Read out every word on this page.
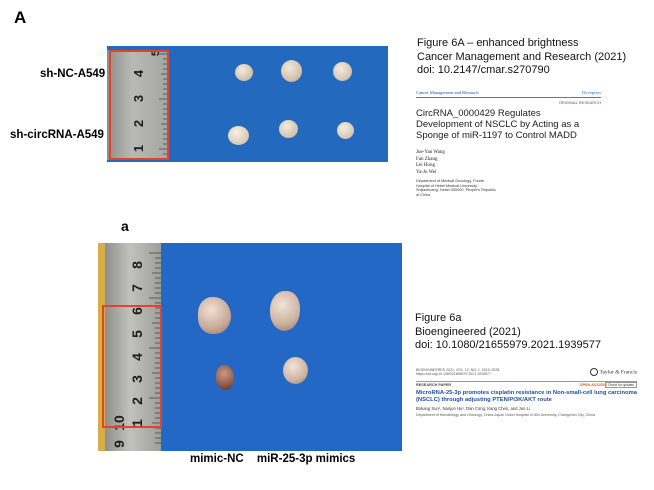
A
sh-NC-A549
sh-circRNA-A549
1
2
3
4
5
Figure 6A – enhanced brightness
Cancer Management and Research (2021)
doi: 10.2147/cmar.s270790
Cancer Management and Research	Dovepress
ORIGINAL RESEARCH
CircRNA_0000429 Regulates Development of NSCLC by Acting as a Sponge of miR-1197 to Control MADD
Jue-Yan Wang
Fan Zhang
Lei Hong
Ya-Ju Wei
Department of Medical Oncology, Fourth Hospital of Hebei Medical University, Shijiazhuang, Hebei 050000, People's Republic of China
a
9
10 1
2
3
4
5
6
7
8
mimic-NC miR-25-3p mimics
Figure 6a
Bioengineered (2021)
doi: 10.1080/21655979.2021.1939577
BIOENGINEERED 2021, VOL. 12, NO. 1, 3219–3228 https://doi.org/10.1080/21655979.2021.1939577	Taylor & Francis
RESEARCH PAPER	OPEN ACCESS Check for updates
MicroRNA-25-3p promotes cisplatin resistance in Non-small-cell lung carcinoma (NSCLC) through adjusting PTEN/PI3K/AKT route
Bokang Sun¹, Nanjun Hu¹, Dan Cong, Kang Chen, and Jun Li
Department of Hematology and Oncology, China-Japan Union Hospital of Jilin University, Changchun City, China
